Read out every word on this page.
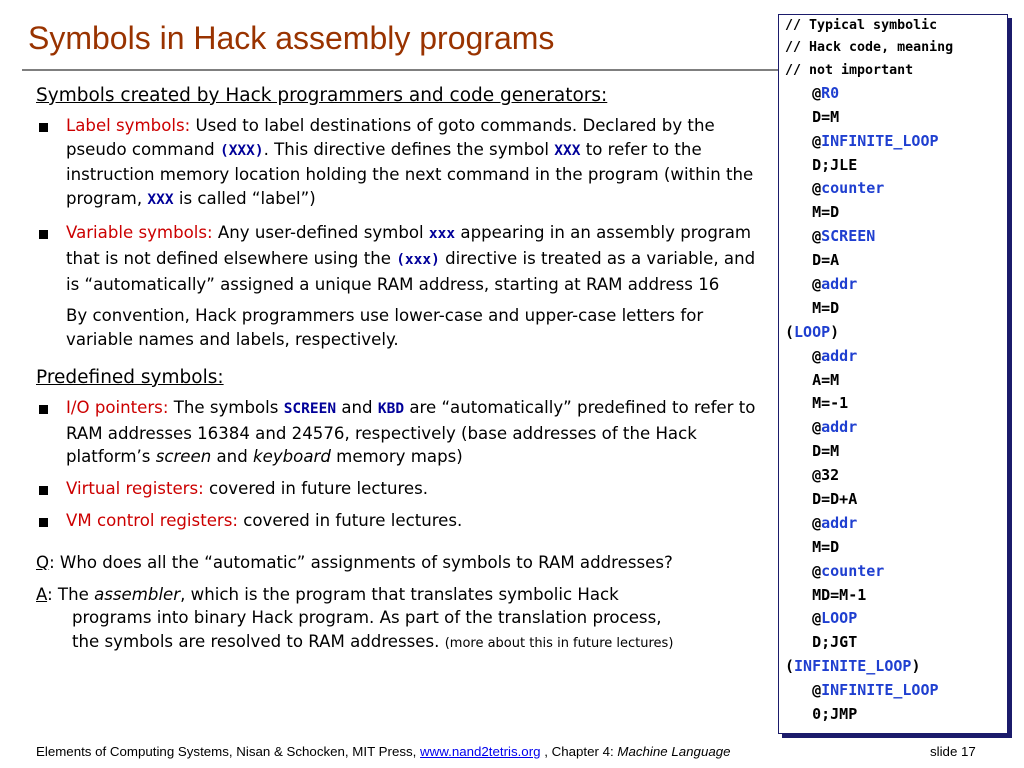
Symbols in Hack assembly programs
Symbols created by Hack programmers and code generators:
Label symbols: Used to label destinations of goto commands. Declared by the pseudo command (XXX). This directive defines the symbol XXX to refer to the instruction memory location holding the next command in the program (within the program, XXX is called “label”)
Variable symbols: Any user-defined symbol xxx appearing in an assembly program that is not defined elsewhere using the (xxx) directive is treated as a variable, and is “automatically” assigned a unique RAM address, starting at RAM address 16
By convention, Hack programmers use lower-case and upper-case letters for variable names and labels, respectively.
Predefined symbols:
I/O pointers: The symbols SCREEN and KBD are “automatically” predefined to refer to RAM addresses 16384 and 24576, respectively (base addresses of the Hack platform’s screen and keyboard memory maps)
Virtual registers: covered in future lectures.
VM control registers: covered in future lectures.
Q: Who does all the “automatic” assignments of symbols to RAM addresses?
A: The assembler, which is the program that translates symbolic Hack
programs into binary Hack program. As part of the translation process,
the symbols are resolved to RAM addresses. (more about this in future lectures)
// Typical symbolic
// Hack code, meaning
// not important
@R0
D=M
@INFINITE_LOOP
D;JLE
@counter
M=D
@SCREEN
D=A
@addr
M=D
(LOOP)
@addr
A=M
M=-1
@addr
D=M
@32
D=D+A
@addr
M=D
@counter
MD=M-1
@LOOP
D;JGT
(INFINITE_LOOP)
@INFINITE_LOOP
0;JMP
Elements of Computing Systems, Nisan & Schocken, MIT Press, www.nand2tetris.org , Chapter 4: Machine Language	slide 17
